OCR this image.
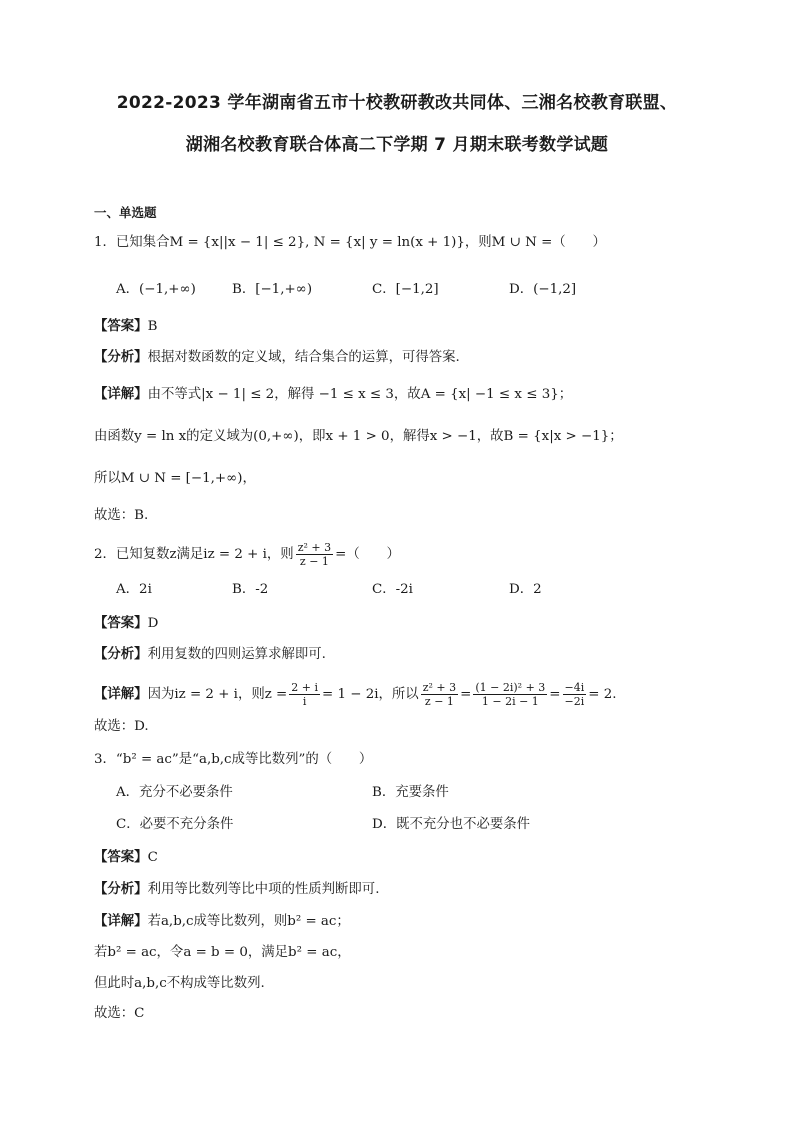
2022-2023 学年湖南省五市十校教研教改共同体、三湘名校教育联盟、
湖湘名校教育联合体高二下学期 7 月期末联考数学试题
一、单选题
1．已知集合M = {x||x − 1| ≤ 2}, N = {x| y = ln(x + 1)}，则M ∪ N =（　　）
A．(−1,+∞)	B．[−1,+∞)	C．[−1,2]	D．(−1,2]
【答案】B
【分析】根据对数函数的定义域，结合集合的运算，可得答案.
【详解】由不等式|x − 1| ≤ 2，解得 −1 ≤ x ≤ 3，故A = {x| −1 ≤ x ≤ 3}；
由函数y = ln x的定义域为(0,+∞)，即x + 1 > 0，解得x > −1，故B = {x|x > −1}；
所以M ∪ N = [−1,+∞)，
故选：B.
2．已知复数z满足iz = 2 + i，则 $\frac{\text{z² + 3}}{z - 1}$ =（　　）
A．2i	B．-2	C．-2i	D．2
【答案】D
【分析】利用复数的四则运算求解即可.
【详解】因为iz = 2 + i，则$z = \frac{2 + i}{i} = 1 - 2i$，所以 $\frac{\text{z² + 3}}{z - 1} = \frac{\text{(1 − 2i)² + 3}}{1 - 2i - 1} = \frac{-4i}{-2i} = 2$.
故选：D.
3．“b² = ac”是“a,b,c成等比数列”的（　　）
A．充分不必要条件	B．充要条件
C．必要不充分条件	D．既不充分也不必要条件
【答案】C
【分析】利用等比数列等比中项的性质判断即可.
【详解】若a,b,c成等比数列，则b² = ac；
若b² = ac，令a = b = 0，满足b² = ac，
但此时a,b,c不构成等比数列.
故选：C
